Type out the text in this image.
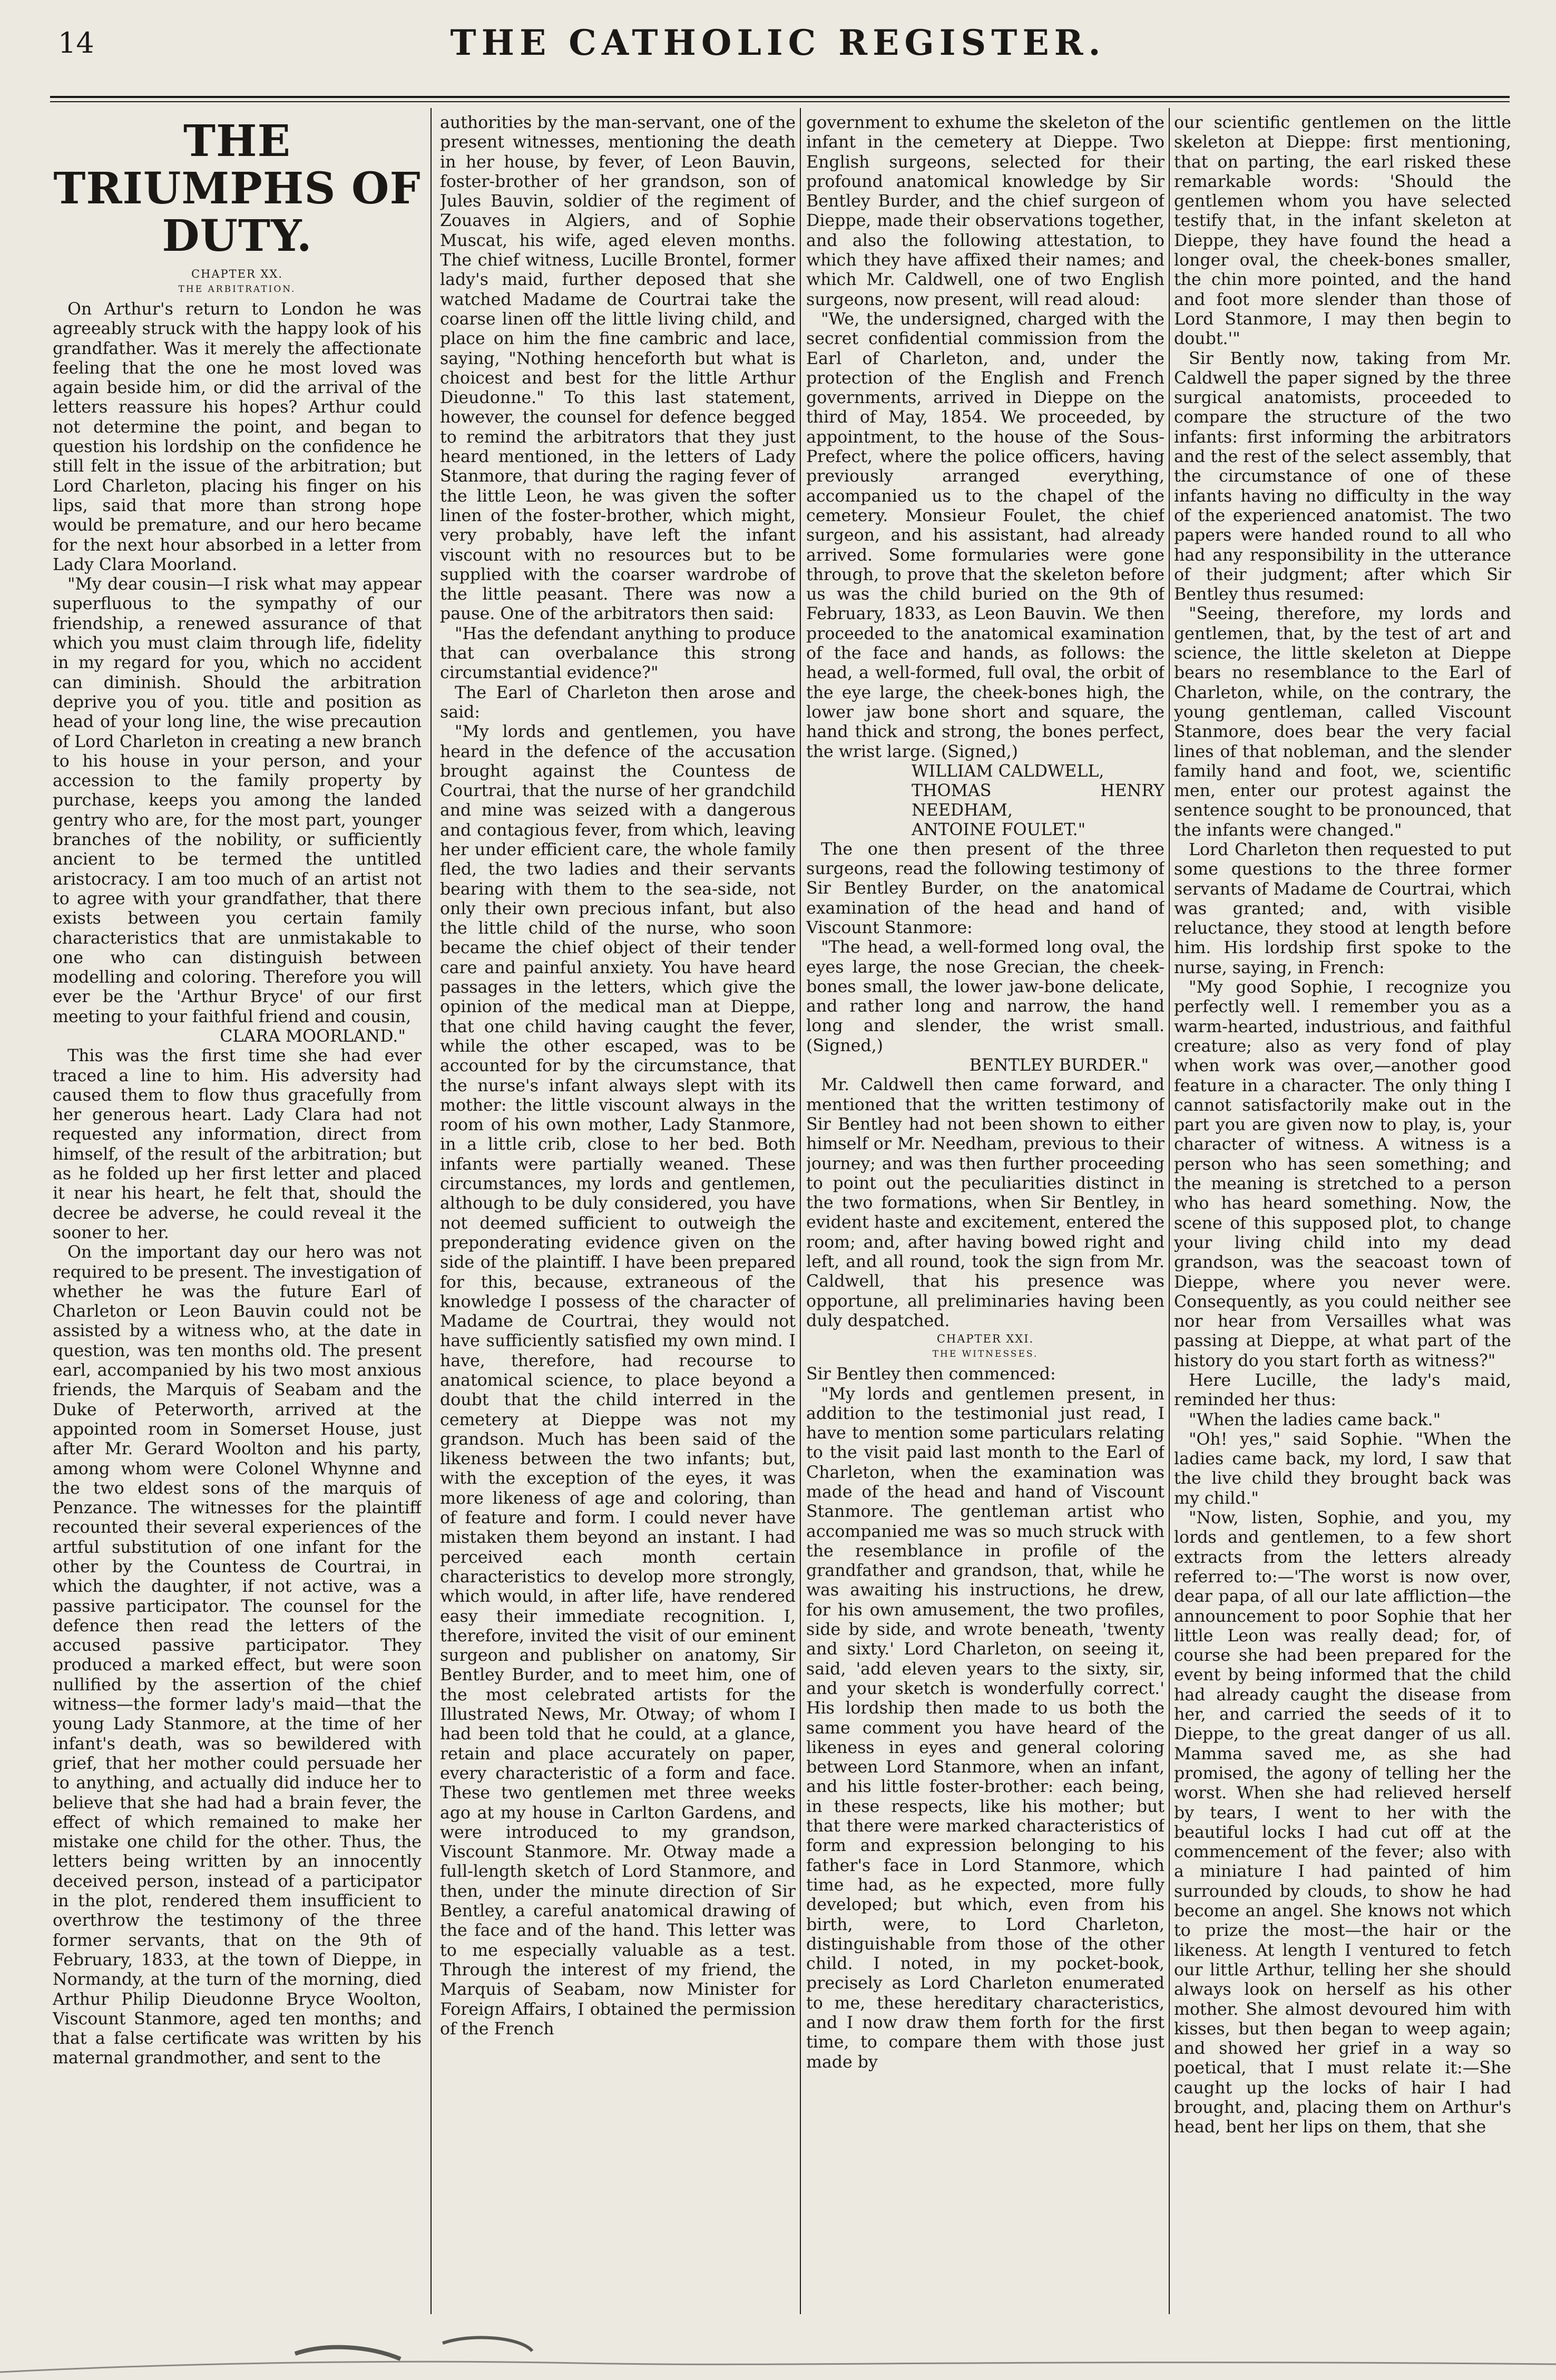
14	THE CATHOLIC REGISTER.
THE TRIUMPHS OF DUTY.
CHAPTER XX.
THE ARBITRATION.

On Arthur's return to London he was agreeably struck with the happy look of his grandfather. Was it merely the affectionate feeling that the one he most loved was again beside him, or did the arrival of the letters reassure his hopes? Arthur could not determine the point, and began to question his lordship on the confidence he still felt in the issue of the arbitration; but Lord Charleton, placing his finger on his lips, said that more than strong hope would be premature, and our hero became for the next hour absorbed in a letter from Lady Clara Moorland.

"My dear cousin—I risk what may appear superfluous to the sympathy of our friendship, a renewed assurance of that which you must claim through life, fidelity in my regard for you, which no accident can diminish. Should the arbitration deprive you of you. title and position as head of your long line, the wise precaution of Lord Charleton in creating a new branch to his house in your person, and your accession to the family property by purchase, keeps you among the landed gentry who are, for the most part, younger branches of the nobility, or sufficiently ancient to be termed the untitled aristocracy. I am too much of an artist not to agree with your grandfather, that there exists between you certain family characteristics that are unmistakable to one who can distinguish between modelling and coloring. Therefore you will ever be the 'Arthur Bryce' of our first meeting to your faithful friend and cousin,

CLARA MOORLAND."

This was the first time she had ever traced a line to him. His adversity had caused them to flow thus gracefully from her generous heart. Lady Clara had not requested any information, direct from himself, of the result of the arbitration; but as he folded up her first letter and placed it near his heart, he felt that, should the decree be adverse, he could reveal it the sooner to her.

On the important day our hero was not required to be present. The investigation of whether he was the future Earl of Charleton or Leon Bauvin could not be assisted by a witness who, at the date in question, was ten months old. The present earl, accompanied by his two most anxious friends, the Marquis of Seabam and the Duke of Peterworth, arrived at the appointed room in Somerset House, just after Mr. Gerard Woolton and his party, among whom were Colonel Whynne and the two eldest sons of the marquis of Penzance. The witnesses for the plaintiff recounted their several experiences of the artful substitution of one infant for the other by the Countess de Courtrai, in which the daughter, if not active, was a passive participator. The counsel for the defence then read the letters of the accused passive participator. They produced a marked effect, but were soon nullified by the assertion of the chief witness—the former lady's maid—that the young Lady Stanmore, at the time of her infant's death, was so bewildered with grief, that her mother could persuade her to anything, and actually did induce her to believe that she had had a brain fever, the effect of which remained to make her mistake one child for the other. Thus, the letters being written by an innocently deceived person, instead of a participator in the plot, rendered them insufficient to overthrow the testimony of the three former servants, that on the 9th of February, 1833, at the town of Dieppe, in Normandy, at the turn of the morning, died Arthur Philip Dieudonne Bryce Woolton, Viscount Stanmore, aged ten months; and that a false certificate was written by his maternal grandmother, and sent to the

authorities by the man-servant, one of the present witnesses, mentioning the death in her house, by fever, of Leon Bauvin, foster-brother of her grandson, son of Jules Bauvin, soldier of the regiment of Zouaves in Algiers, and of Sophie Muscat, his wife, aged eleven months. The chief witness, Lucille Brontel, former lady's maid, further deposed that she watched Madame de Courtrai take the coarse linen off the little living child, and place on him the fine cambric and lace, saying, "Nothing henceforth but what is choicest and best for the little Arthur Dieudonne." To this last statement, however, the counsel for defence begged to remind the arbitrators that they just heard mentioned, in the letters of Lady Stanmore, that during the raging fever of the little Leon, he was given the softer linen of the foster-brother, which might, very probably, have left the infant viscount with no resources but to be supplied with the coarser wardrobe of the little peasant. There was now a pause. One of the arbitrators then said:

"Has the defendant anything to produce that can overbalance this strong circumstantial evidence?"

The Earl of Charleton then arose and said:

"My lords and gentlemen, you have heard in the defence of the accusation brought against the Countess de Courtrai, that the nurse of her grandchild and mine was seized with a dangerous and contagious fever, from which, leaving her under efficient care, the whole family fled, the two ladies and their servants bearing with them to the sea-side, not only their own precious infant, but also the little child of the nurse, who soon became the chief object of their tender care and painful anxiety. You have heard passages in the letters, which give the opinion of the medical man at Dieppe, that one child having caught the fever, while the other escaped, was to be accounted for by the circumstance, that the nurse's infant always slept with its mother: the little viscount always in the room of his own mother, Lady Stanmore, in a little crib, close to her bed. Both infants were partially weaned. These circumstances, my lords and gentlemen, although to be duly considered, you have not deemed sufficient to outweigh the preponderating evidence given on the side of the plaintiff. I have been prepared for this, because, extraneous of the knowledge I possess of the character of Madame de Courtrai, they would not have sufficiently satisfied my own mind. I have, therefore, had recourse to anatomical science, to place beyond a doubt that the child interred in the cemetery at Dieppe was not my grandson. Much has been said of the likeness between the two infants; but, with the exception of the eyes, it was more likeness of age and coloring, than of feature and form. I could never have mistaken them beyond an instant. I had perceived each month certain characteristics to develop more strongly, which would, in after life, have rendered easy their immediate recognition. I, therefore, invited the visit of our eminent surgeon and publisher on anatomy, Sir Bentley Burder, and to meet him, one of the most celebrated artists for the Illustrated News, Mr. Otway; of whom I had been told that he could, at a glance, retain and place accurately on paper, every characteristic of a form and face. These two gentlemen met three weeks ago at my house in Carlton Gardens, and were introduced to my grandson, Viscount Stanmore. Mr. Otway made a full-length sketch of Lord Stanmore, and then, under the minute direction of Sir Bentley, a careful anatomical drawing of the face and of the hand. This letter was to me especially valuable as a test. Through the interest of my friend, the Marquis of Seabam, now Minister for Foreign Affairs, I obtained the permission of the French

government to exhume the skeleton of the infant in the cemetery at Dieppe. Two English surgeons, selected for their profound anatomical knowledge by Sir Bentley Burder, and the chief surgeon of Dieppe, made their observations together, and also the following attestation, to which they have affixed their names; and which Mr. Caldwell, one of two English surgeons, now present, will read aloud:

"We, the undersigned, charged with the secret confidential commission from the Earl of Charleton, and, under the protection of the English and French governments, arrived in Dieppe on the third of May, 1854. We proceeded, by appointment, to the house of the Sous-Prefect, where the police officers, having previously arranged everything, accompanied us to the chapel of the cemetery. Monsieur Foulet, the chief surgeon, and his assistant, had already arrived. Some formularies were gone through, to prove that the skeleton before us was the child buried on the 9th of February, 1833, as Leon Bauvin. We then proceeded to the anatomical examination of the face and hands, as follows: the head, a well-formed, full oval, the orbit of the eye large, the cheek-bones high, the lower jaw bone short and square, the hand thick and strong, the bones perfect, the wrist large. (Signed,)

WILLIAM CALDWELL,
THOMAS HENRY NEEDHAM,
ANTOINE FOULET."

The one then present of the three surgeons, read the following testimony of Sir Bentley Burder, on the anatomical examination of the head and hand of Viscount Stanmore:

"The head, a well-formed long oval, the eyes large, the nose Grecian, the cheek-bones small, the lower jaw-bone delicate, and rather long and narrow, the hand long and slender, the wrist small. (Signed,)

BENTLEY BURDER."

Mr. Caldwell then came forward, and mentioned that the written testimony of Sir Bentley had not been shown to either himself or Mr. Needham, previous to their journey; and was then further proceeding to point out the peculiarities distinct in the two formations, when Sir Bentley, in evident haste and excitement, entered the room; and, after having bowed right and left, and all round, took the sign from Mr. Caldwell, that his presence was opportune, all preliminaries having been duly despatched.

CHAPTER XXI.
THE WITNESSES.

Sir Bentley then commenced:

"My lords and gentlemen present, in addition to the testimonial just read, I have to mention some particulars relating to the visit paid last month to the Earl of Charleton, when the examination was made of the head and hand of Viscount Stanmore. The gentleman artist who accompanied me was so much struck with the resemblance in profile of the grandfather and grandson, that, while he was awaiting his instructions, he drew, for his own amusement, the two profiles, side by side, and wrote beneath, 'twenty and sixty.' Lord Charleton, on seeing it, said, 'add eleven years to the sixty, sir, and your sketch is wonderfully correct.' His lordship then made to us both the same comment you have heard of the likeness in eyes and general coloring between Lord Stanmore, when an infant, and his little foster-brother: each being, in these respects, like his mother; but that there were marked characteristics of form and expression belonging to his father's face in Lord Stanmore, which time had, as he expected, more fully developed; but which, even from his birth, were, to Lord Charleton, distinguishable from those of the other child. I noted, in my pocket-book, precisely as Lord Charleton enumerated to me, these hereditary characteristics, and I now draw them forth for the first time, to compare them with those just made by

our scientific gentlemen on the little skeleton at Dieppe: first mentioning, that on parting, the earl risked these remarkable words: 'Should the gentlemen whom you have selected testify that, in the infant skeleton at Dieppe, they have found the head a longer oval, the cheek-bones smaller, the chin more pointed, and the hand and foot more slender than those of Lord Stanmore, I may then begin to doubt.'"

Sir Bently now, taking from Mr. Caldwell the paper signed by the three surgical anatomists, proceeded to compare the structure of the two infants: first informing the arbitrators and the rest of the select assembly, that the circumstance of one of these infants having no difficulty in the way of the experienced anatomist. The two papers were handed round to all who had any responsibility in the utterance of their judgment; after which Sir Bentley thus resumed:

"Seeing, therefore, my lords and gentlemen, that, by the test of art and science, the little skeleton at Dieppe bears no resemblance to the Earl of Charleton, while, on the contrary, the young gentleman, called Viscount Stanmore, does bear the very facial lines of that nobleman, and the slender family hand and foot, we, scientific men, enter our protest against the sentence sought to be pronounced, that the infants were changed."

Lord Charleton then requested to put some questions to the three former servants of Madame de Courtrai, which was granted; and, with visible reluctance, they stood at length before him. His lordship first spoke to the nurse, saying, in French:

"My good Sophie, I recognize you perfectly well. I remember you as a warm-hearted, industrious, and faithful creature; also as very fond of play when work was over,—another good feature in a character. The only thing I cannot satisfactorily make out in the part you are given now to play, is, your character of witness. A witness is a person who has seen something; and the meaning is stretched to a person who has heard something. Now, the scene of this supposed plot, to change your living child into my dead grandson, was the seacoast town of Dieppe, where you never were. Consequently, as you could neither see nor hear from Versailles what was passing at Dieppe, at what part of the history do you start forth as witness?"

Here Lucille, the lady's maid, reminded her thus:

"When the ladies came back."

"Oh! yes," said Sophie. "When the ladies came back, my lord, I saw that the live child they brought back was my child."

"Now, listen, Sophie, and you, my lords and gentlemen, to a few short extracts from the letters already referred to:—'The worst is now over, dear papa, of all our late affliction—the announcement to poor Sophie that her little Leon was really dead; for, of course she had been prepared for the event by being informed that the child had already caught the disease from her, and carried the seeds of it to Dieppe, to the great danger of us all. Mamma saved me, as she had promised, the agony of telling her the worst. When she had relieved herself by tears, I went to her with the beautiful locks I had cut off at the commencement of the fever; also with a miniature I had painted of him surrounded by clouds, to show he had become an angel. She knows not which to prize the most—the hair or the likeness. At length I ventured to fetch our little Arthur, telling her she should always look on herself as his other mother. She almost devoured him with kisses, but then began to weep again; and showed her grief in a way so poetical, that I must relate it:—She caught up the locks of hair I had brought, and, placing them on Arthur's head, bent her lips on them, that she
